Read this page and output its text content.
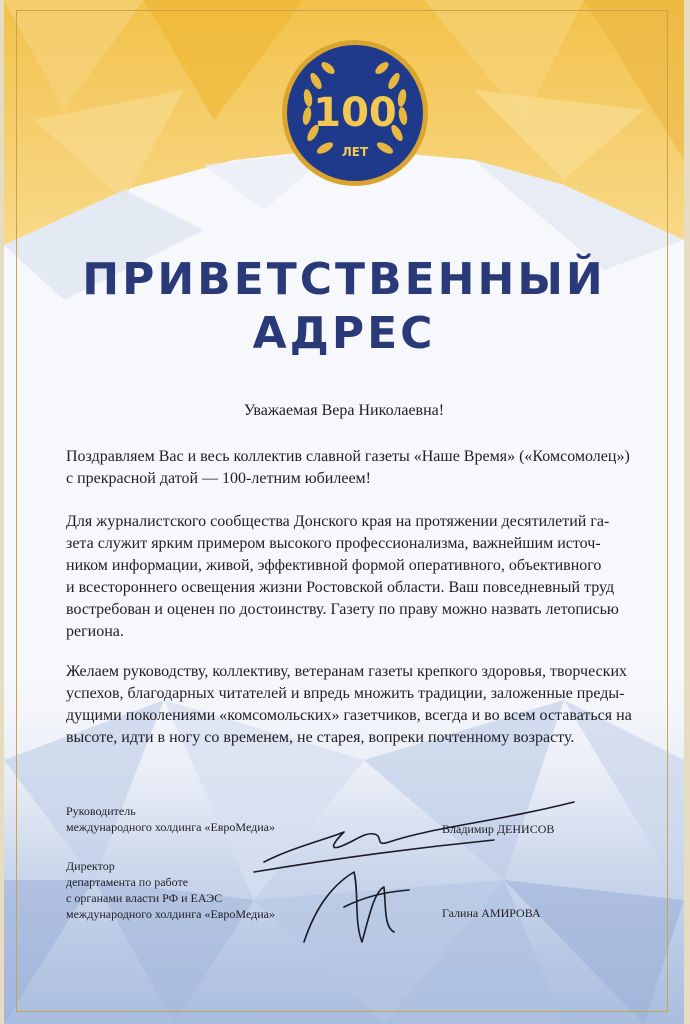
100
ЛЕТ
ПРИВЕТСТВЕННЫЙ
АДРЕС
Уважаемая Вера Николаевна!
Поздравляем Вас и весь коллектив славной газеты «Наше Время» («Комсомолец»)
с прекрасной датой — 100-летним юбилеем!
Для журналистского сообщества Донского края на протяжении десятилетий га-
зета служит ярким примером высокого профессионализма, важнейшим источ-
ником информации, живой, эффективной формой оперативного, объективного
и всестороннего освещения жизни Ростовской области. Ваш повседневный труд
востребован и оценен по достоинству. Газету по праву можно назвать летописью
региона.
Желаем руководству, коллективу, ветеранам газеты крепкого здоровья, творческих
успехов, благодарных читателей и впредь множить традиции, заложенные преды-
дущими поколениями «комсомольских» газетчиков, всегда и во всем оставаться на
высоте, идти в ногу со временем, не старея, вопреки почтенному возрасту.
Руководитель
международного холдинга «ЕвроМедиа»	Владимир ДЕНИСОВ
Директор
департамента по работе
с органами власти РФ и ЕАЭС
международного холдинга «ЕвроМедиа»	Галина АМИРОВА
